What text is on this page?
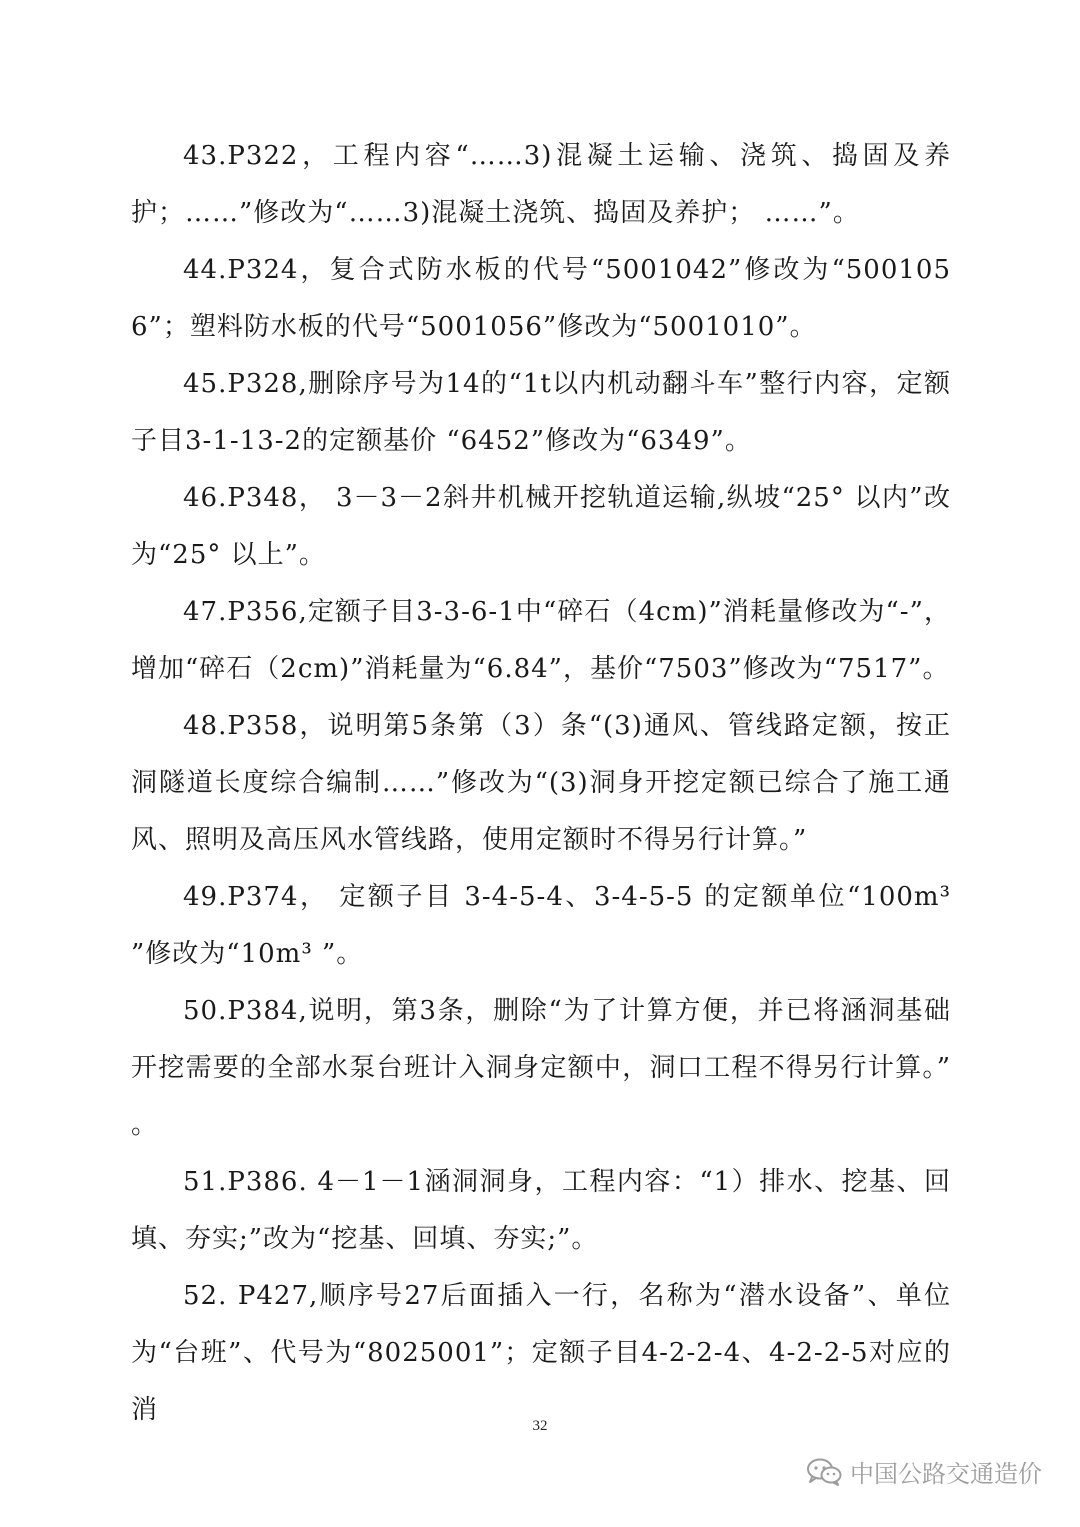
43.P322，工程内容“……3)混凝土运输、浇筑、捣固及养护；……”修改为“……3)混凝土浇筑、捣固及养护； ……”。

44.P324，复合式防水板的代号“5001042”修改为“5001056”；塑料防水板的代号“5001056”修改为“5001010”。

45.P328,删除序号为14的“1t以内机动翻斗车”整行内容，定额子目3-1-13-2的定额基价 “6452”修改为“6349”。

46.P348， 3－3－2斜井机械开挖轨道运输,纵坡“25° 以内”改为“25° 以上”。

47.P356,定额子目3-3-6-1中“碎石（4cm)”消耗量修改为“-”，增加“碎石（2cm)”消耗量为“6.84”，基价“7503”修改为“7517”。

48.P358，说明第5条第（3）条“(3)通风、管线路定额，按正洞隧道长度综合编制……”修改为“(3)洞身开挖定额已综合了施工通风、照明及高压风水管线路，使用定额时不得另行计算。”

49.P374， 定额子目 3-4-5-4、3-4-5-5 的定额单位“100m³ ”修改为“10m³ ”。

50.P384,说明，第3条，删除“为了计算方便，并已将涵洞基础开挖需要的全部水泵台班计入洞身定额中，洞口工程不得另行计算。” 。

51.P386. 4－1－1涵洞洞身，工程内容：“1）排水、挖基、回填、夯实;”改为“挖基、回填、夯实;”。

52. P427,顺序号27后面插入一行，名称为“潜水设备”、单位为“台班”、代号为“8025001”；定额子目4-2-2-4、4-2-2-5对应的消

32
中国公路交通造价
